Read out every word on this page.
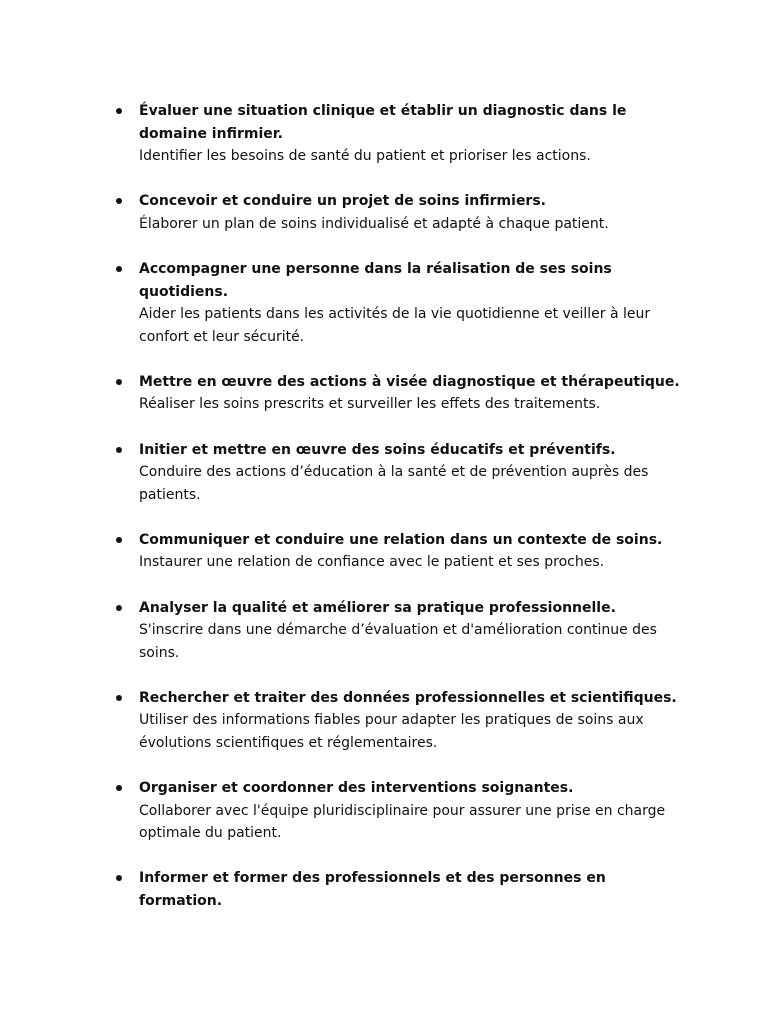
Évaluer une situation clinique et établir un diagnostic dans le domaine infirmier.
Identifier les besoins de santé du patient et prioriser les actions.
Concevoir et conduire un projet de soins infirmiers.
Élaborer un plan de soins individualisé et adapté à chaque patient.
Accompagner une personne dans la réalisation de ses soins quotidiens.
Aider les patients dans les activités de la vie quotidienne et veiller à leur confort et leur sécurité.
Mettre en œuvre des actions à visée diagnostique et thérapeutique.
Réaliser les soins prescrits et surveiller les effets des traitements.
Initier et mettre en œuvre des soins éducatifs et préventifs.
Conduire des actions d’éducation à la santé et de prévention auprès des patients.
Communiquer et conduire une relation dans un contexte de soins.
Instaurer une relation de confiance avec le patient et ses proches.
Analyser la qualité et améliorer sa pratique professionnelle.
S'inscrire dans une démarche d’évaluation et d'amélioration continue des soins.
Rechercher et traiter des données professionnelles et scientifiques.
Utiliser des informations fiables pour adapter les pratiques de soins aux évolutions scientifiques et réglementaires.
Organiser et coordonner des interventions soignantes.
Collaborer avec l'équipe pluridisciplinaire pour assurer une prise en charge optimale du patient.
Informer et former des professionnels et des personnes en formation.
